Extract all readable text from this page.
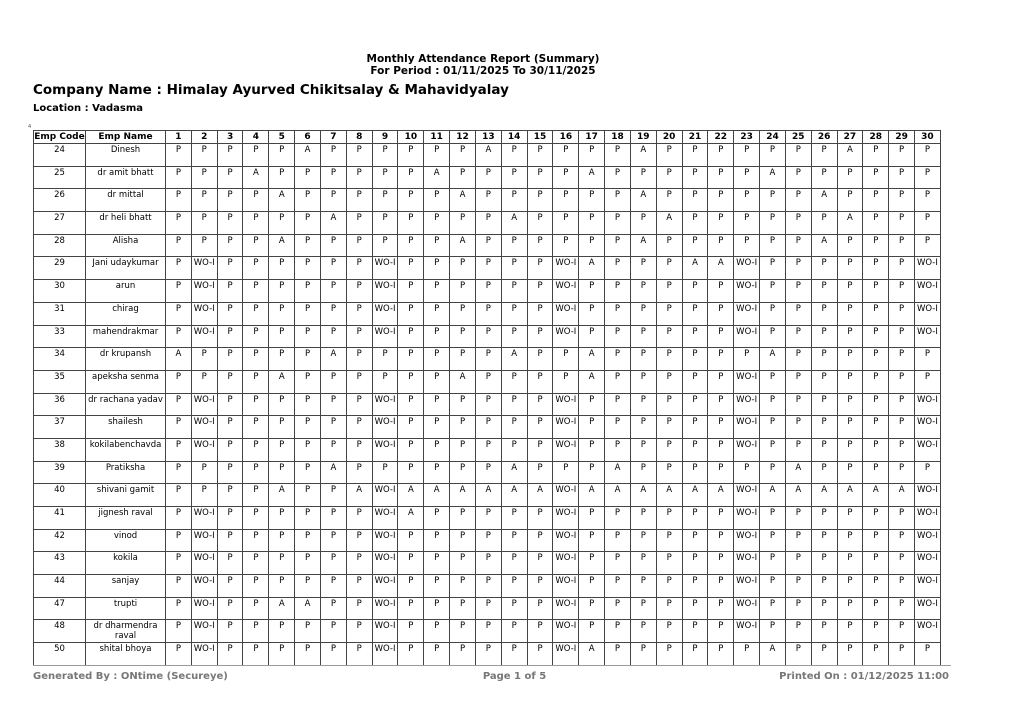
Monthly Attendance Report (Summary)
For Period : 01/11/2025 To 30/11/2025
Company Name : Himalay Ayurved Chikitsalay & Mahavidyalay
Location : Vadasma
4
Emp Code	Emp Name	1	2	3	4	5	6	7	8	9	10	11	12	13	14	15	16	17	18	19	20	21	22	23	24	25	26	27	28	29	30
24	Dinesh	P	P	P	P	P	A	P	P	P	P	P	P	A	P	P	P	P	P	A	P	P	P	P	P	P	P	A	P	P	P
25	dr amit bhatt	P	P	P	A	P	P	P	P	P	P	A	P	P	P	P	P	A	P	P	P	P	P	P	A	P	P	P	P	P	P
26	dr mittal	P	P	P	P	A	P	P	P	P	P	P	A	P	P	P	P	P	P	A	P	P	P	P	P	P	A	P	P	P	P
27	dr heli bhatt	P	P	P	P	P	P	A	P	P	P	P	P	P	A	P	P	P	P	P	A	P	P	P	P	P	P	A	P	P	P
28	Alisha	P	P	P	P	A	P	P	P	P	P	P	A	P	P	P	P	P	P	A	P	P	P	P	P	P	A	P	P	P	P
29	Jani udaykumar	P	WO-I	P	P	P	P	P	P	WO-I	P	P	P	P	P	P	WO-I	A	P	P	P	A	A	WO-I	P	P	P	P	P	P	WO-I
30	arun	P	WO-I	P	P	P	P	P	P	WO-I	P	P	P	P	P	P	WO-I	P	P	P	P	P	P	WO-I	P	P	P	P	P	P	WO-I
31	chirag	P	WO-I	P	P	P	P	P	P	WO-I	P	P	P	P	P	P	WO-I	P	P	P	P	P	P	WO-I	P	P	P	P	P	P	WO-I
33	mahendrakmar	P	WO-I	P	P	P	P	P	P	WO-I	P	P	P	P	P	P	WO-I	P	P	P	P	P	P	WO-I	P	P	P	P	P	P	WO-I
34	dr krupansh	A	P	P	P	P	P	A	P	P	P	P	P	P	A	P	P	A	P	P	P	P	P	P	A	P	P	P	P	P	P
35	apeksha senma	P	P	P	P	A	P	P	P	P	P	P	A	P	P	P	P	A	P	P	P	P	P	WO-I	P	P	P	P	P	P	P
36	dr rachana yadav	P	WO-I	P	P	P	P	P	P	WO-I	P	P	P	P	P	P	WO-I	P	P	P	P	P	P	WO-I	P	P	P	P	P	P	WO-I
37	shailesh	P	WO-I	P	P	P	P	P	P	WO-I	P	P	P	P	P	P	WO-I	P	P	P	P	P	P	WO-I	P	P	P	P	P	P	WO-I
38	kokilabenchavda	P	WO-I	P	P	P	P	P	P	WO-I	P	P	P	P	P	P	WO-I	P	P	P	P	P	P	WO-I	P	P	P	P	P	P	WO-I
39	Pratiksha	P	P	P	P	P	P	A	P	P	P	P	P	P	A	P	P	P	A	P	P	P	P	P	P	A	P	P	P	P	P
40	shivani gamit	P	P	P	P	A	P	P	A	WO-I	A	A	A	A	A	A	WO-I	A	A	A	A	A	A	WO-I	A	A	A	A	A	A	WO-I
41	jignesh raval	P	WO-I	P	P	P	P	P	P	WO-I	A	P	P	P	P	P	WO-I	P	P	P	P	P	P	WO-I	P	P	P	P	P	P	WO-I
42	vinod	P	WO-I	P	P	P	P	P	P	WO-I	P	P	P	P	P	P	WO-I	P	P	P	P	P	P	WO-I	P	P	P	P	P	P	WO-I
43	kokila	P	WO-I	P	P	P	P	P	P	WO-I	P	P	P	P	P	P	WO-I	P	P	P	P	P	P	WO-I	P	P	P	P	P	P	WO-I
44	sanjay	P	WO-I	P	P	P	P	P	P	WO-I	P	P	P	P	P	P	WO-I	P	P	P	P	P	P	WO-I	P	P	P	P	P	P	WO-I
47	trupti	P	WO-I	P	P	A	A	P	P	WO-I	P	P	P	P	P	P	WO-I	P	P	P	P	P	P	WO-I	P	P	P	P	P	P	WO-I
48	dr dharmendra raval	P	WO-I	P	P	P	P	P	P	WO-I	P	P	P	P	P	P	WO-I	P	P	P	P	P	P	WO-I	P	P	P	P	P	P	WO-I
50	shital bhoya	P	WO-I	P	P	P	P	P	P	WO-I	P	P	P	P	P	P	WO-I	A	P	P	P	P	P	P	A	P	P	P	P	P	P
Generated By : ONtime (Secureye)	Page 1 of 5	Printed On : 01/12/2025 11:00
